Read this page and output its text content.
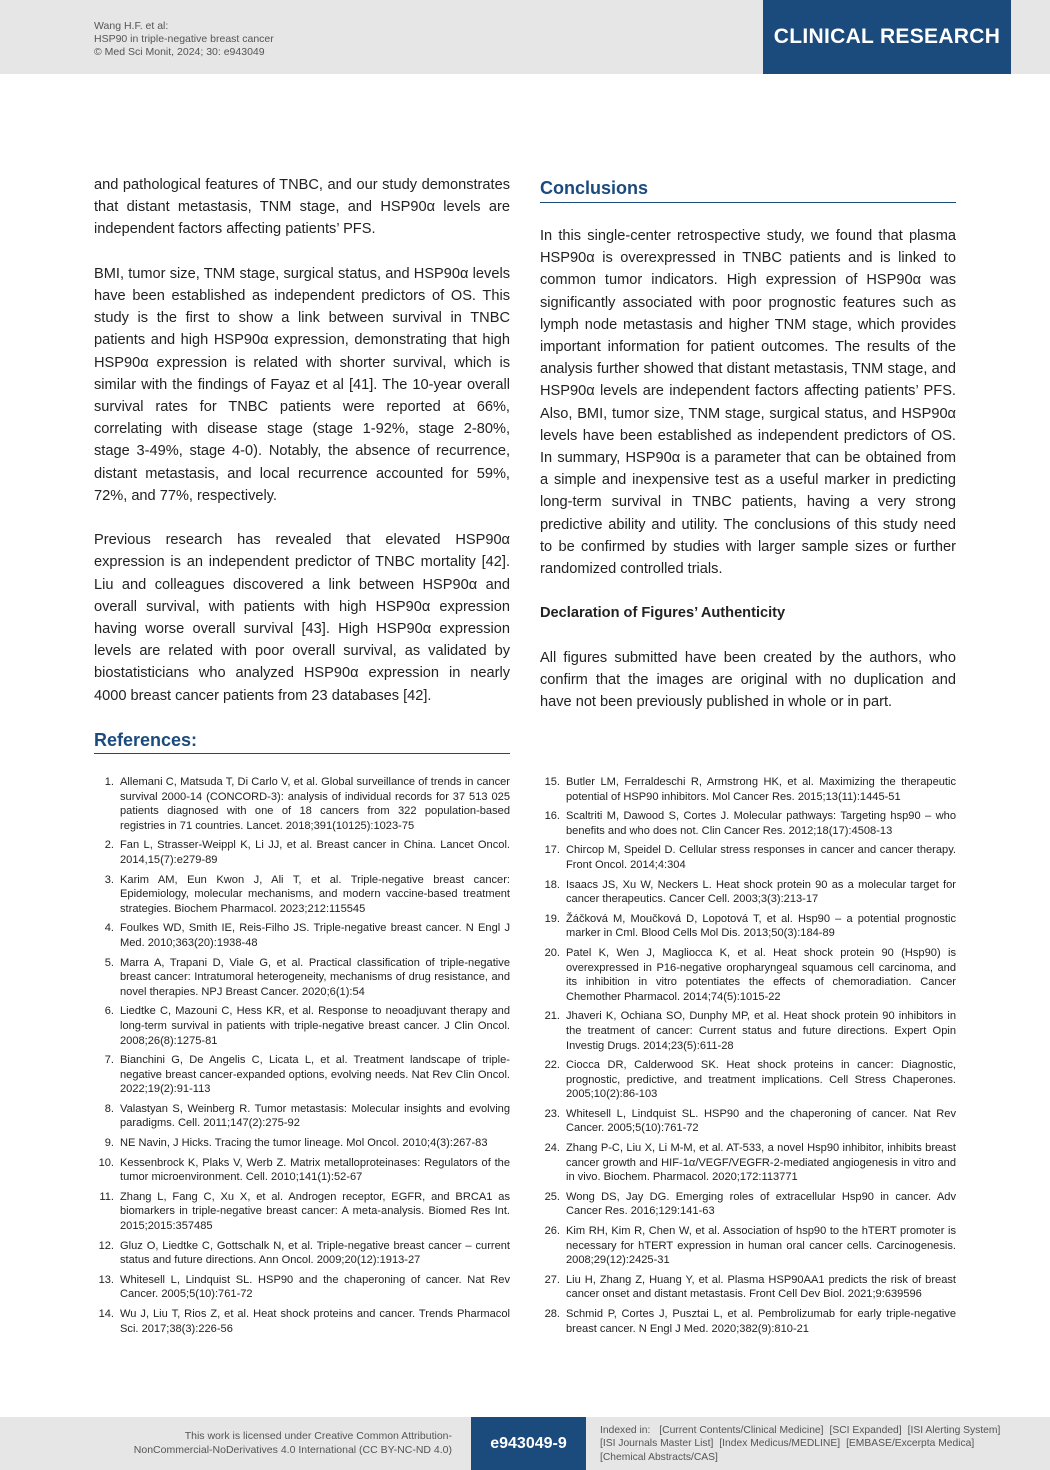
Wang H.F. et al:
HSP90 in triple-negative breast cancer
© Med Sci Monit, 2024; 30: e943049
CLINICAL RESEARCH

and pathological features of TNBC, and our study demonstrates that distant metastasis, TNM stage, and HSP90α levels are independent factors affecting patients’ PFS.

BMI, tumor size, TNM stage, surgical status, and HSP90α levels have been established as independent predictors of OS. This study is the first to show a link between survival in TNBC patients and high HSP90α expression, demonstrating that high HSP90α expression is related with shorter survival, which is similar with the findings of Fayaz et al [41]. The 10-year overall survival rates for TNBC patients were reported at 66%, correlating with disease stage (stage 1-92%, stage 2-80%, stage 3-49%, stage 4-0). Notably, the absence of recurrence, distant metastasis, and local recurrence accounted for 59%, 72%, and 77%, respectively.

Previous research has revealed that elevated HSP90α expression is an independent predictor of TNBC mortality [42]. Liu and colleagues discovered a link between HSP90α and overall survival, with patients with high HSP90α expression having worse overall survival [43]. High HSP90α expression levels are related with poor overall survival, as validated by biostatisticians who analyzed HSP90α expression in nearly 4000 breast cancer patients from 23 databases [42].

Conclusions

In this single-center retrospective study, we found that plasma HSP90α is overexpressed in TNBC patients and is linked to common tumor indicators. High expression of HSP90α was significantly associated with poor prognostic features such as lymph node metastasis and higher TNM stage, which provides important information for patient outcomes. The results of the analysis further showed that distant metastasis, TNM stage, and HSP90α levels are independent factors affecting patients’ PFS. Also, BMI, tumor size, TNM stage, surgical status, and HSP90α levels have been established as independent predictors of OS. In summary, HSP90α is a parameter that can be obtained from a simple and inexpensive test as a useful marker in predicting long-term survival in TNBC patients, having a very strong predictive ability and utility. The conclusions of this study need to be confirmed by studies with larger sample sizes or further randomized controlled trials.

Declaration of Figures’ Authenticity

All figures submitted have been created by the authors, who confirm that the images are original with no duplication and have not been previously published in whole or in part.

References:
1. Allemani C, Matsuda T, Di Carlo V, et al. Global surveillance of trends in cancer survival 2000-14 (CONCORD-3): analysis of individual records for 37 513 025 patients diagnosed with one of 18 cancers from 322 population-based registries in 71 countries. Lancet. 2018;391(10125):1023-75
2. Fan L, Strasser-Weippl K, Li JJ, et al. Breast cancer in China. Lancet Oncol. 2014,15(7):e279-89
3. Karim AM, Eun Kwon J, Ali T, et al. Triple-negative breast cancer: Epidemiology, molecular mechanisms, and modern vaccine-based treatment strategies. Biochem Pharmacol. 2023;212:115545
4. Foulkes WD, Smith IE, Reis-Filho JS. Triple-negative breast cancer. N Engl J Med. 2010;363(20):1938-48
5. Marra A, Trapani D, Viale G, et al. Practical classification of triple-negative breast cancer: Intratumoral heterogeneity, mechanisms of drug resistance, and novel therapies. NPJ Breast Cancer. 2020;6(1):54
6. Liedtke C, Mazouni C, Hess KR, et al. Response to neoadjuvant therapy and long-term survival in patients with triple-negative breast cancer. J Clin Oncol. 2008;26(8):1275-81
7. Bianchini G, De Angelis C, Licata L, et al. Treatment landscape of triple-negative breast cancer-expanded options, evolving needs. Nat Rev Clin Oncol. 2022;19(2):91-113
8. Valastyan S, Weinberg R. Tumor metastasis: Molecular insights and evolving paradigms. Cell. 2011;147(2):275-92
9. NE Navin, J Hicks. Tracing the tumor lineage. Mol Oncol. 2010;4(3):267-83
10. Kessenbrock K, Plaks V, Werb Z. Matrix metalloproteinases: Regulators of the tumor microenvironment. Cell. 2010;141(1):52-67
11. Zhang L, Fang C, Xu X, et al. Androgen receptor, EGFR, and BRCA1 as biomarkers in triple-negative breast cancer: A meta-analysis. Biomed Res Int. 2015;2015:357485
12. Gluz O, Liedtke C, Gottschalk N, et al. Triple-negative breast cancer – current status and future directions. Ann Oncol. 2009;20(12):1913-27
13. Whitesell L, Lindquist SL. HSP90 and the chaperoning of cancer. Nat Rev Cancer. 2005;5(10):761-72
14. Wu J, Liu T, Rios Z, et al. Heat shock proteins and cancer. Trends Pharmacol Sci. 2017;38(3):226-56
15. Butler LM, Ferraldeschi R, Armstrong HK, et al. Maximizing the therapeutic potential of HSP90 inhibitors. Mol Cancer Res. 2015;13(11):1445-51
16. Scaltriti M, Dawood S, Cortes J. Molecular pathways: Targeting hsp90 – who benefits and who does not. Clin Cancer Res. 2012;18(17):4508-13
17. Chircop M, Speidel D. Cellular stress responses in cancer and cancer therapy. Front Oncol. 2014;4:304
18. Isaacs JS, Xu W, Neckers L. Heat shock protein 90 as a molecular target for cancer therapeutics. Cancer Cell. 2003;3(3):213-17
19. Žáčková M, Moučková D, Lopotová T, et al. Hsp90 – a potential prognostic marker in Cml. Blood Cells Mol Dis. 2013;50(3):184-89
20. Patel K, Wen J, Magliocca K, et al. Heat shock protein 90 (Hsp90) is overexpressed in P16-negative oropharyngeal squamous cell carcinoma, and its inhibition in vitro potentiates the effects of chemoradiation. Cancer Chemother Pharmacol. 2014;74(5):1015-22
21. Jhaveri K, Ochiana SO, Dunphy MP, et al. Heat shock protein 90 inhibitors in the treatment of cancer: Current status and future directions. Expert Opin Investig Drugs. 2014;23(5):611-28
22. Ciocca DR, Calderwood SK. Heat shock proteins in cancer: Diagnostic, prognostic, predictive, and treatment implications. Cell Stress Chaperones. 2005;10(2):86-103
23. Whitesell L, Lindquist SL. HSP90 and the chaperoning of cancer. Nat Rev Cancer. 2005;5(10):761-72
24. Zhang P-C, Liu X, Li M-M, et al. AT-533, a novel Hsp90 inhibitor, inhibits breast cancer growth and HIF-1α/VEGF/VEGFR-2-mediated angiogenesis in vitro and in vivo. Biochem. Pharmacol. 2020;172:113771
25. Wong DS, Jay DG. Emerging roles of extracellular Hsp90 in cancer. Adv Cancer Res. 2016;129:141-63
26. Kim RH, Kim R, Chen W, et al. Association of hsp90 to the hTERT promoter is necessary for hTERT expression in human oral cancer cells. Carcinogenesis. 2008;29(12):2425-31
27. Liu H, Zhang Z, Huang Y, et al. Plasma HSP90AA1 predicts the risk of breast cancer onset and distant metastasis. Front Cell Dev Biol. 2021;9:639596
28. Schmid P, Cortes J, Pusztai L, et al. Pembrolizumab for early triple-negative breast cancer. N Engl J Med. 2020;382(9):810-21
This work is licensed under Creative Common Attribution-
NonCommercial-NoDerivatives 4.0 International (CC BY-NC-ND 4.0)	e943049-9
Indexed in: [Current Contents/Clinical Medicine] [SCI Expanded] [ISI Alerting System][ISI Journals Master List] [Index Medicus/MEDLINE] [EMBASE/Excerpta Medica][Chemical Abstracts/CAS]
